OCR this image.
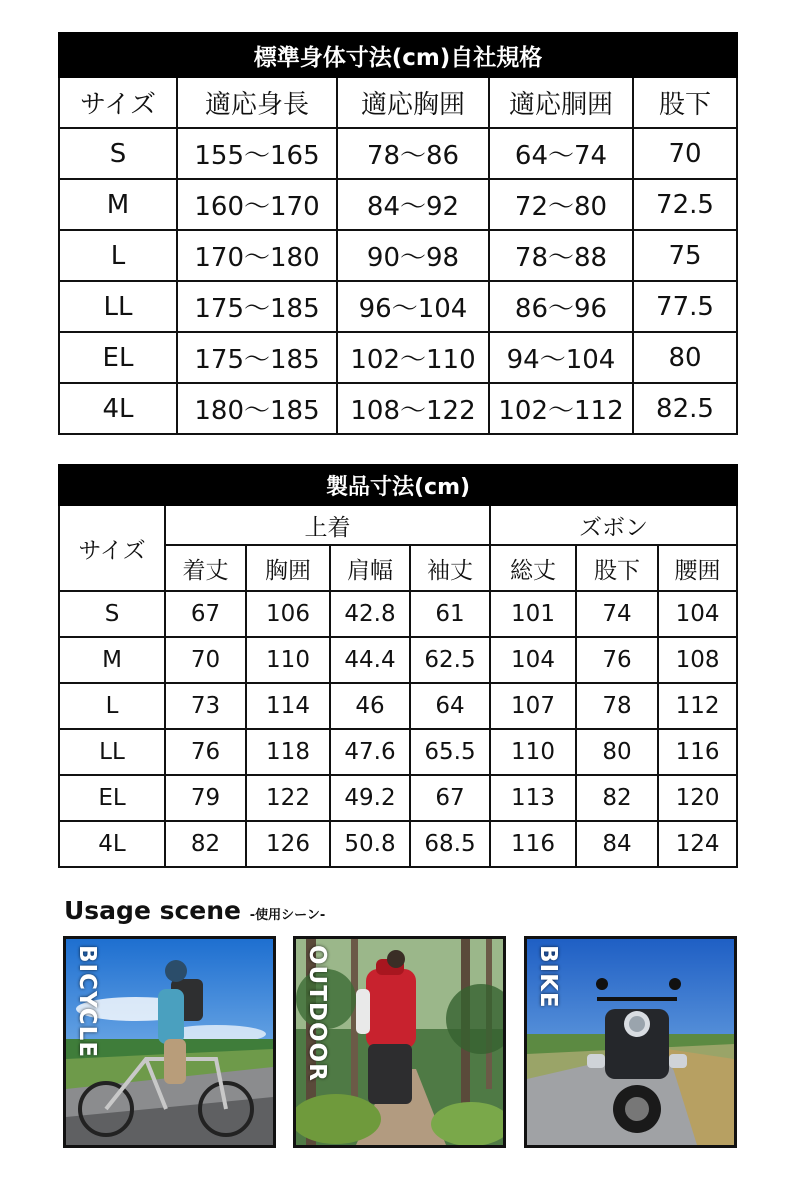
標準身体寸法(cm)自社規格				
サイズ	適応身長	適応胸囲	適応胴囲	股下
S	155～165	78～86	64～74	70
M	160～170	84～92	72～80	72.5
L	170～180	90～98	78～88	75
LL	175～185	96～104	86～96	77.5
EL	175～185	102～110	94～104	80
4L	180～185	108～122	102～112	82.5
製品寸法(cm)							
サイズ	上着				ズボン		
	着丈	胸囲	肩幅	袖丈	総丈	股下	腰囲
S	67	106	42.8	61	101	74	104
M	70	110	44.4	62.5	104	76	108
L	73	114	46	64	107	78	112
LL	76	118	47.6	65.5	110	80	116
EL	79	122	49.2	67	113	82	120
4L	82	126	50.8	68.5	116	84	124
Usage scene -使用シーン-
BICYCLE	OUTDOOR	BIKE
